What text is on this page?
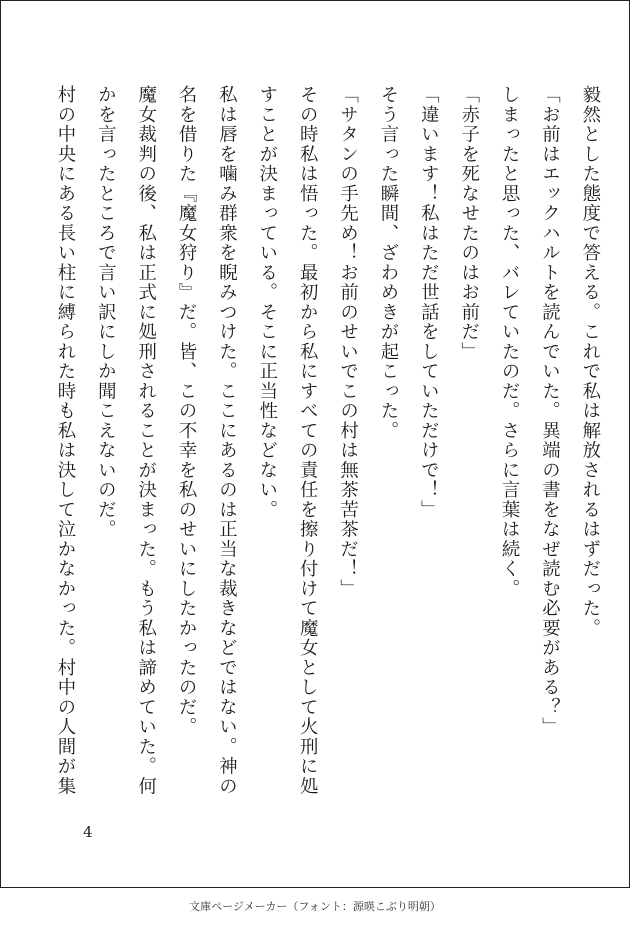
毅然とした態度で答える。これで私は解放されるはずだった。
「お前はエックハルトを読んでいた。異端の書をなぜ読む必要がある？」
しまったと思った、バレていたのだ。さらに言葉は続く。
「赤子を死なせたのはお前だ」
「違います！私はただ世話をしていただけで！」
そう言った瞬間、ざわめきが起こった。
「サタンの手先め！お前のせいでこの村は無茶苦茶だ！」
その時私は悟った。最初から私にすべての責任を擦り付けて魔女として火刑に処
すことが決まっている。そこに正当性などない。
私は唇を噛み群衆を睨みつけた。ここにあるのは正当な裁きなどではない。神の
名を借りた『魔女狩り』だ。皆、この不幸を私のせいにしたかったのだ。
魔女裁判の後、私は正式に処刑されることが決まった。もう私は諦めていた。何
かを言ったところで言い訳にしか聞こえないのだ。
村の中央にある長い柱に縛られた時も私は決して泣かなかった。村中の人間が集
4
文庫ページメーカー（フォント：源暎こぶり明朝）
